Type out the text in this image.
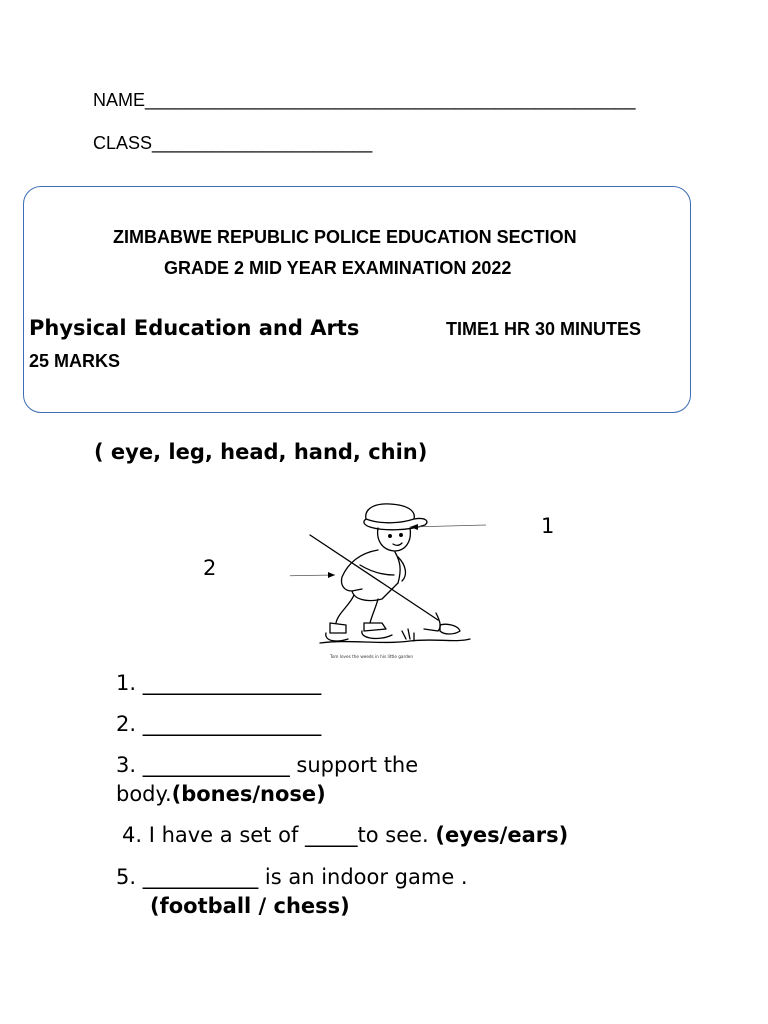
NAME_________________________________________________
CLASS______________________
ZIMBABWE REPUBLIC POLICE EDUCATION SECTION
GRADE 2 MID YEAR EXAMINATION 2022
Physical Education and Arts	TIME1 HR 30 MINUTES
25 MARKS
( eye, leg, head, hand, chin)
Tom loves the weeds in his little garden
1
2
1. _________________
2. _________________
3. ______________ support the
body.(bones/nose)
4. I have a set of _____to see. (eyes/ears)
5. ___________ is an indoor game .
(football / chess)
